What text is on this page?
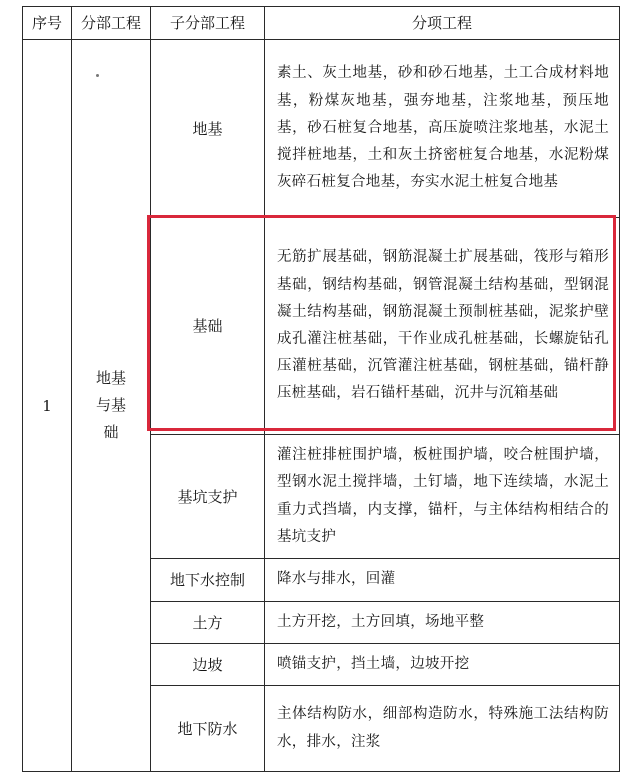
序号	分部工程	子分部工程	分项工程
1	地基与基础	地基	素土、灰土地基，砂和砂石地基，土工合成材料地基，粉煤灰地基，强夯地基，注浆地基，预压地基，砂石桩复合地基，高压旋喷注浆地基，水泥土搅拌桩地基，土和灰土挤密桩复合地基，水泥粉煤灰碎石桩复合地基，夯实水泥土桩复合地基
		基础	无筋扩展基础，钢筋混凝土扩展基础，筏形与箱形基础，钢结构基础，钢管混凝土结构基础，型钢混凝土结构基础，钢筋混凝土预制桩基础，泥浆护壁成孔灌注桩基础，干作业成孔桩基础，长螺旋钻孔压灌桩基础，沉管灌注桩基础，钢桩基础，锚杆静压桩基础，岩石锚杆基础，沉井与沉箱基础
		基坑支护	灌注桩排桩围护墙，板桩围护墙，咬合桩围护墙，型钢水泥土搅拌墙，土钉墙，地下连续墙，水泥土重力式挡墙，内支撑，锚杆，与主体结构相结合的基坑支护
		地下水控制	降水与排水，回灌
		土方	土方开挖，土方回填，场地平整
		边坡	喷锚支护，挡土墙，边坡开挖
		地下防水	主体结构防水，细部构造防水，特殊施工法结构防水，排水，注浆
